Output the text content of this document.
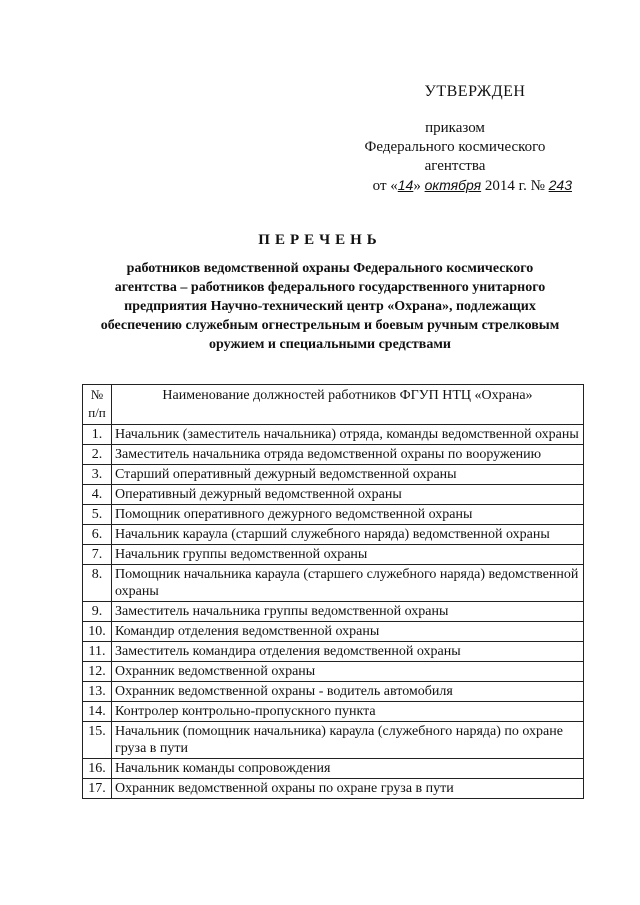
УТВЕРЖДЕН
приказом
Федерального космического
агентства
от «14» октября 2014 г. № 243
ПЕРЕЧЕНЬ
работников ведомственной охраны Федерального космического агентства – работников федерального государственного унитарного предприятия Научно-технический центр «Охрана», подлежащих обеспечению служебным огнестрельным и боевым ручным стрелковым оружием и специальными средствами
№ п/п	Наименование должностей работников ФГУП НТЦ «Охрана»
1.	Начальник (заместитель начальника) отряда, команды ведомственной охраны
2.	Заместитель начальника отряда ведомственной охраны по вооружению
3.	Старший оперативный дежурный ведомственной охраны
4.	Оперативный дежурный ведомственной охраны
5.	Помощник оперативного дежурного ведомственной охраны
6.	Начальник караула (старший служебного наряда) ведомственной охраны
7.	Начальник группы ведомственной охраны
8.	Помощник начальника караула (старшего служебного наряда) ведомственной охраны
9.	Заместитель начальника группы ведомственной охраны
10.	Командир отделения ведомственной охраны
11.	Заместитель командира отделения ведомственной охраны
12.	Охранник ведомственной охраны
13.	Охранник ведомственной охраны - водитель автомобиля
14.	Контролер контрольно-пропускного пункта
15.	Начальник (помощник начальника) караула (служебного наряда) по охране груза в пути
16.	Начальник команды сопровождения
17.	Охранник ведомственной охраны по охране груза в пути
